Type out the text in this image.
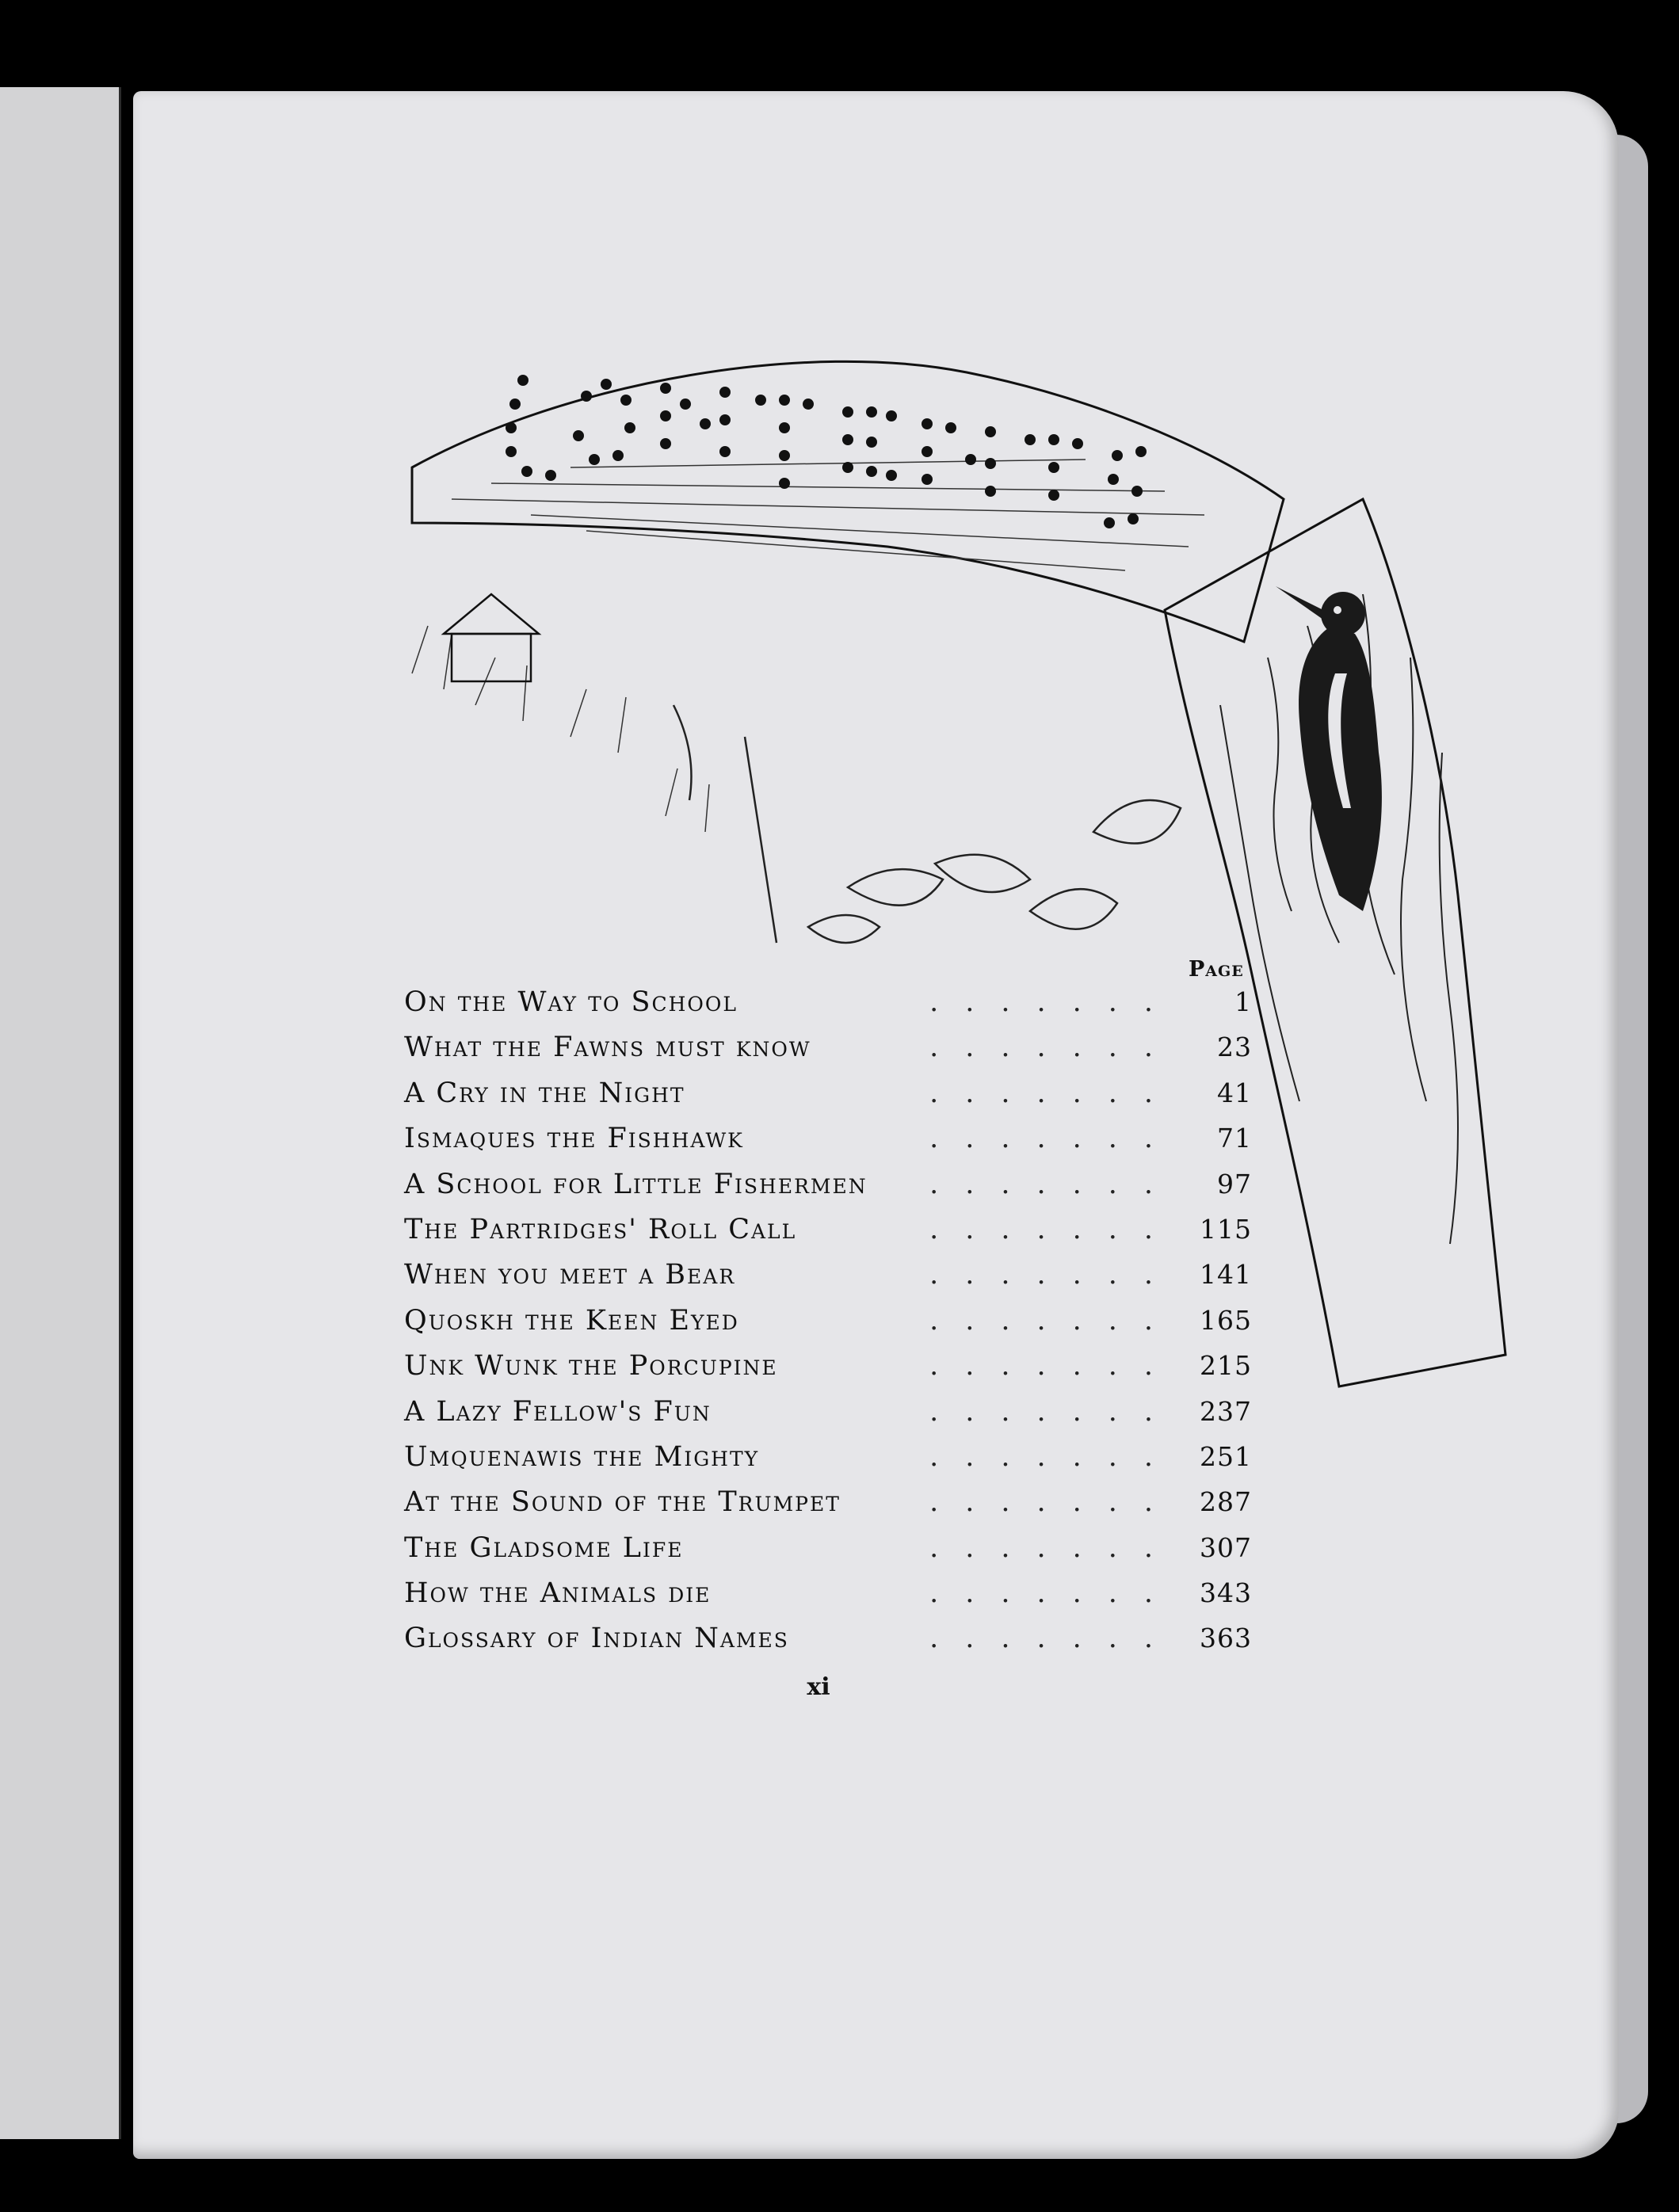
Page
On the Way to School	.......	1
What the Fawns must know	.......	23
A Cry in the Night	.......	41
Ismaques the Fishhawk	.......	71
A School for Little Fishermen	.......	97
The Partridges' Roll Call	....... 115
When you meet a Bear	....... 141
Quoskh the Keen Eyed	....... 165
Unk Wunk the Porcupine	....... 215
A Lazy Fellow's Fun	....... 237
Umquenawis the Mighty	....... 251
At the Sound of the Trumpet	....... 287
The Gladsome Life	....... 307
How the Animals die	....... 343
Glossary of Indian Names	....... 363
xi
